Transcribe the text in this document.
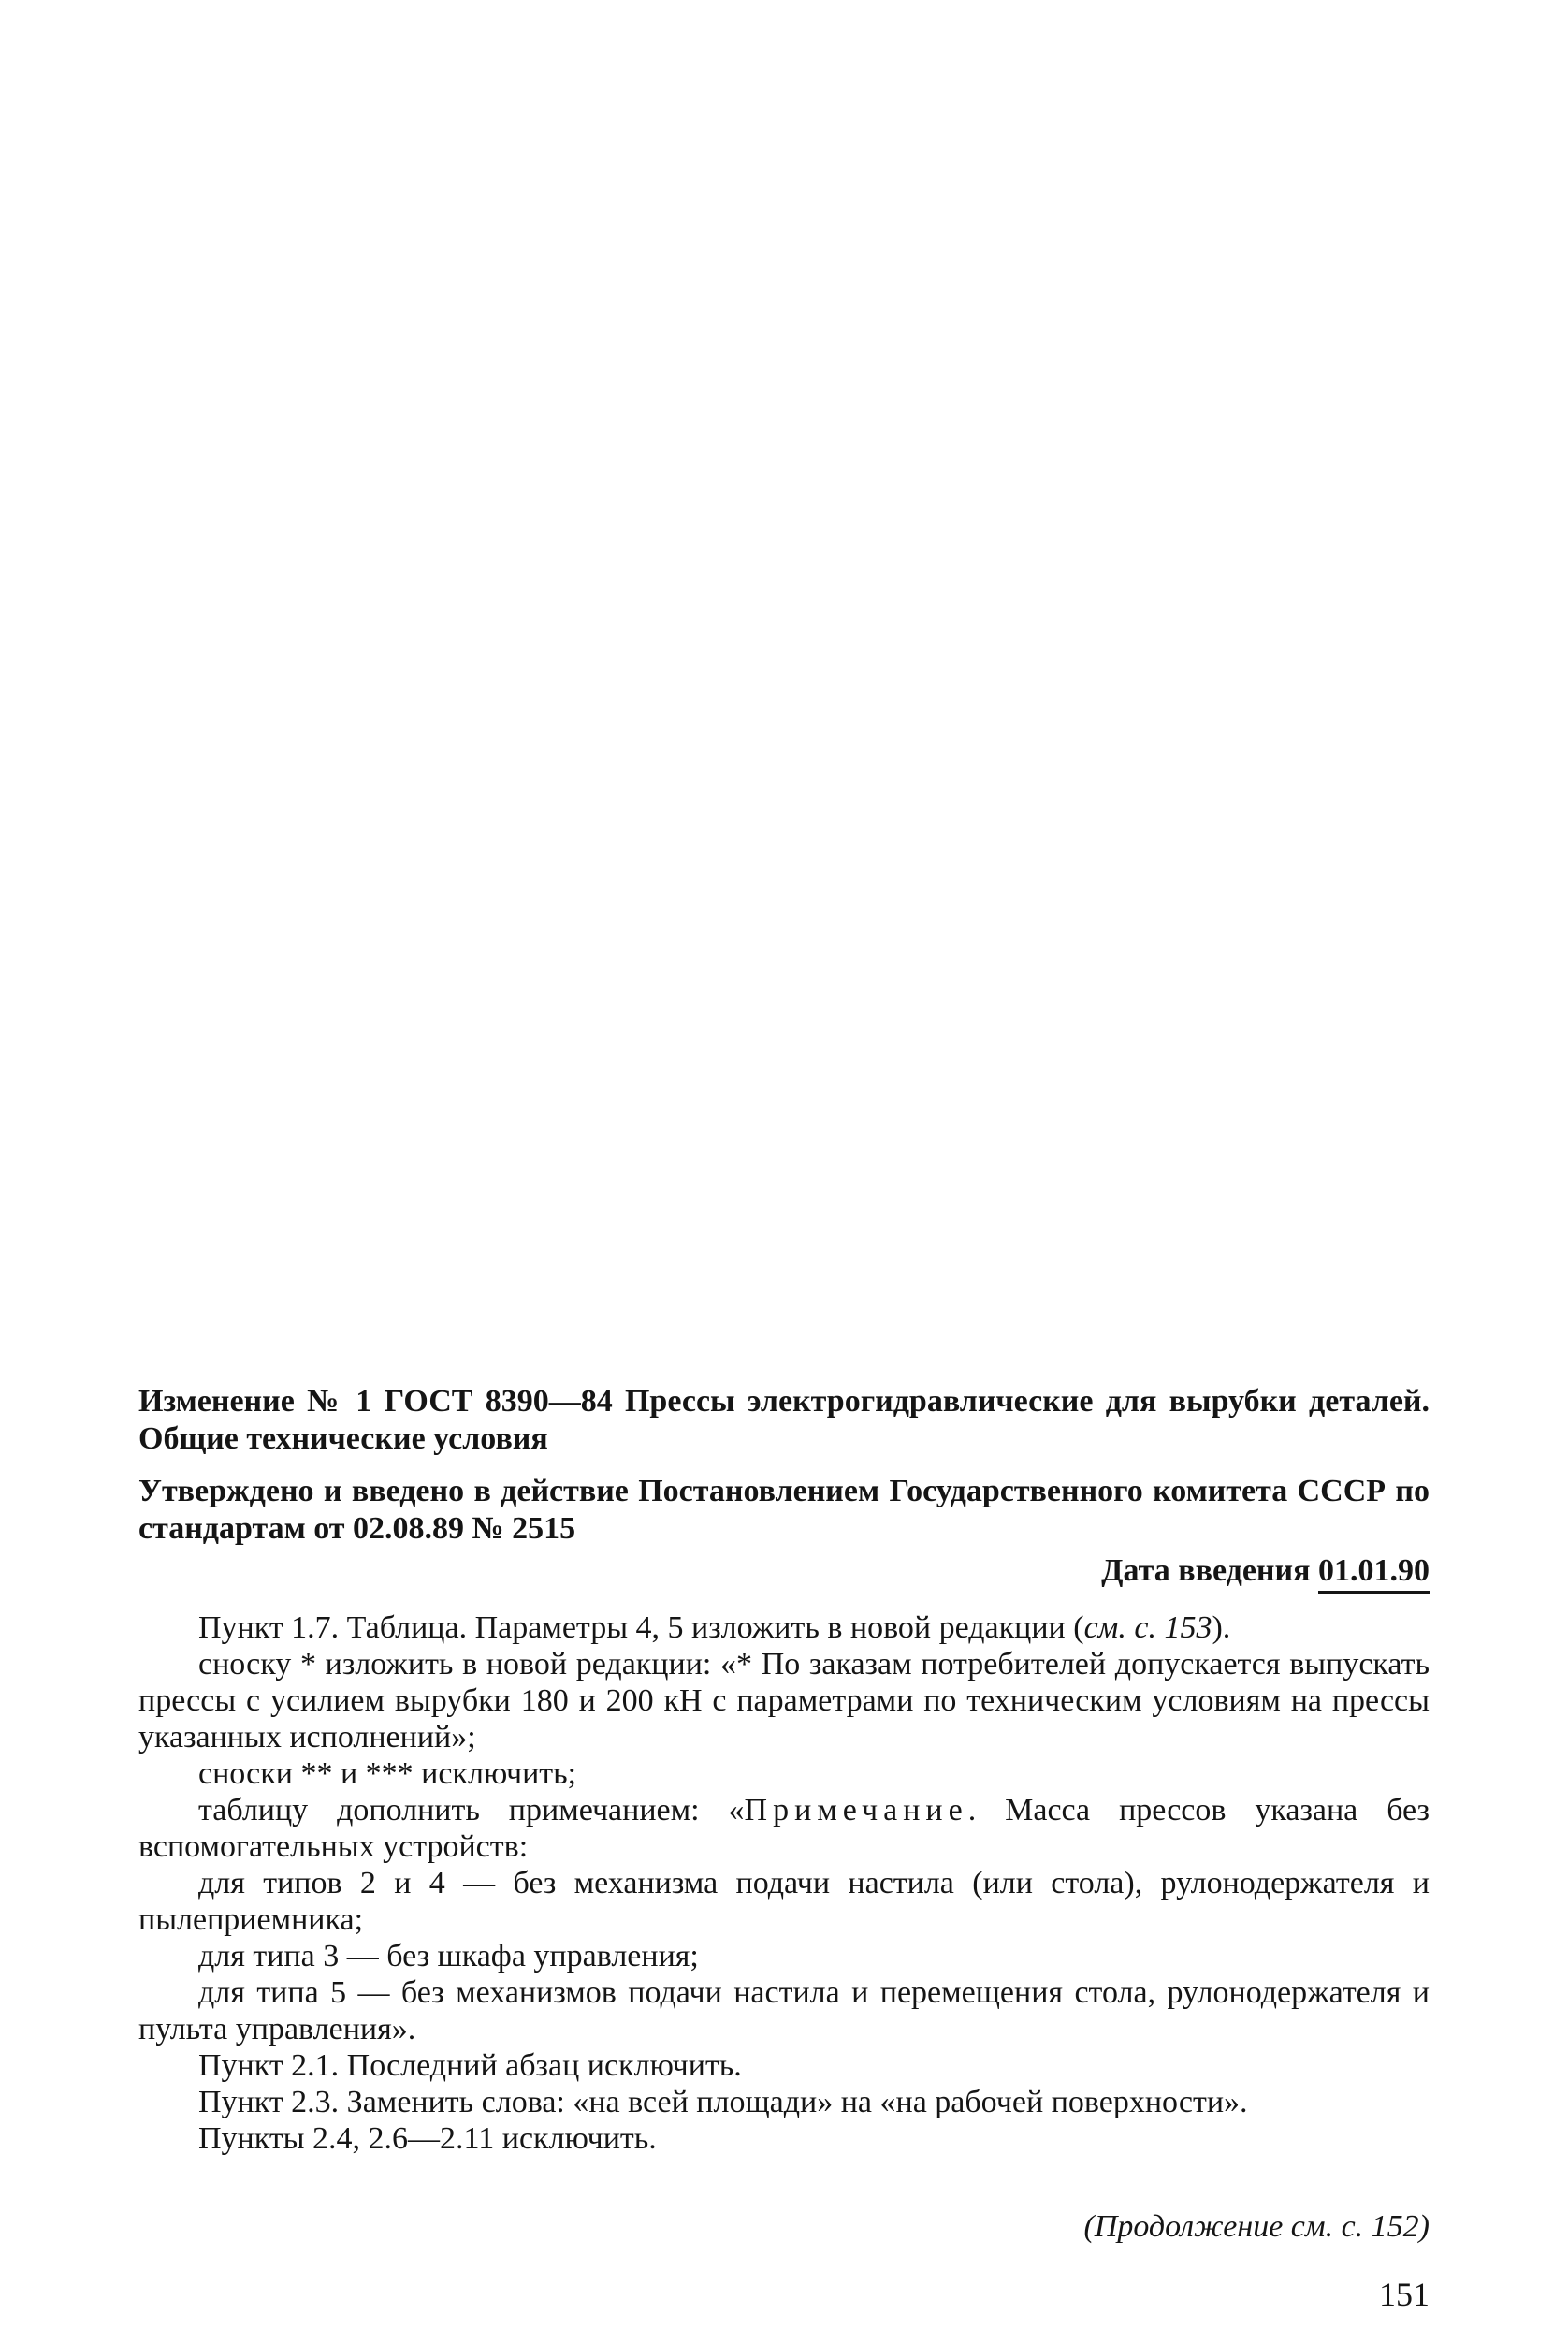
Изменение № 1 ГОСТ 8390—84 Прессы электрогидравлические для вырубки деталей. Общие технические условия

Утверждено и введено в действие Постановлением Государственного комитета СССР по стандартам от 02.08.89 № 2515

Дата введения 01.01.90

Пункт 1.7. Таблица. Параметры 4, 5 изложить в новой редакции (см. с. 153).

сноску * изложить в новой редакции: «* По заказам потребителей допускается выпускать прессы с усилием вырубки 180 и 200 кН с параметрами по техническим условиям на прессы указанных исполнений»;

сноски ** и *** исключить;

таблицу дополнить примечанием: «Примечание. Масса прессов указана без вспомогательных устройств:

для типов 2 и 4 — без механизма подачи настила (или стола), рулонодержателя и пылеприемника;

для типа 3 — без шкафа управления;

для типа 5 — без механизмов подачи настила и перемещения стола, рулонодержателя и пульта управления».

Пункт 2.1. Последний абзац исключить.

Пункт 2.3. Заменить слова: «на всей площади» на «на рабочей поверхности».

Пункты 2.4, 2.6—2.11 исключить.

(Продолжение см. с. 152)
151
